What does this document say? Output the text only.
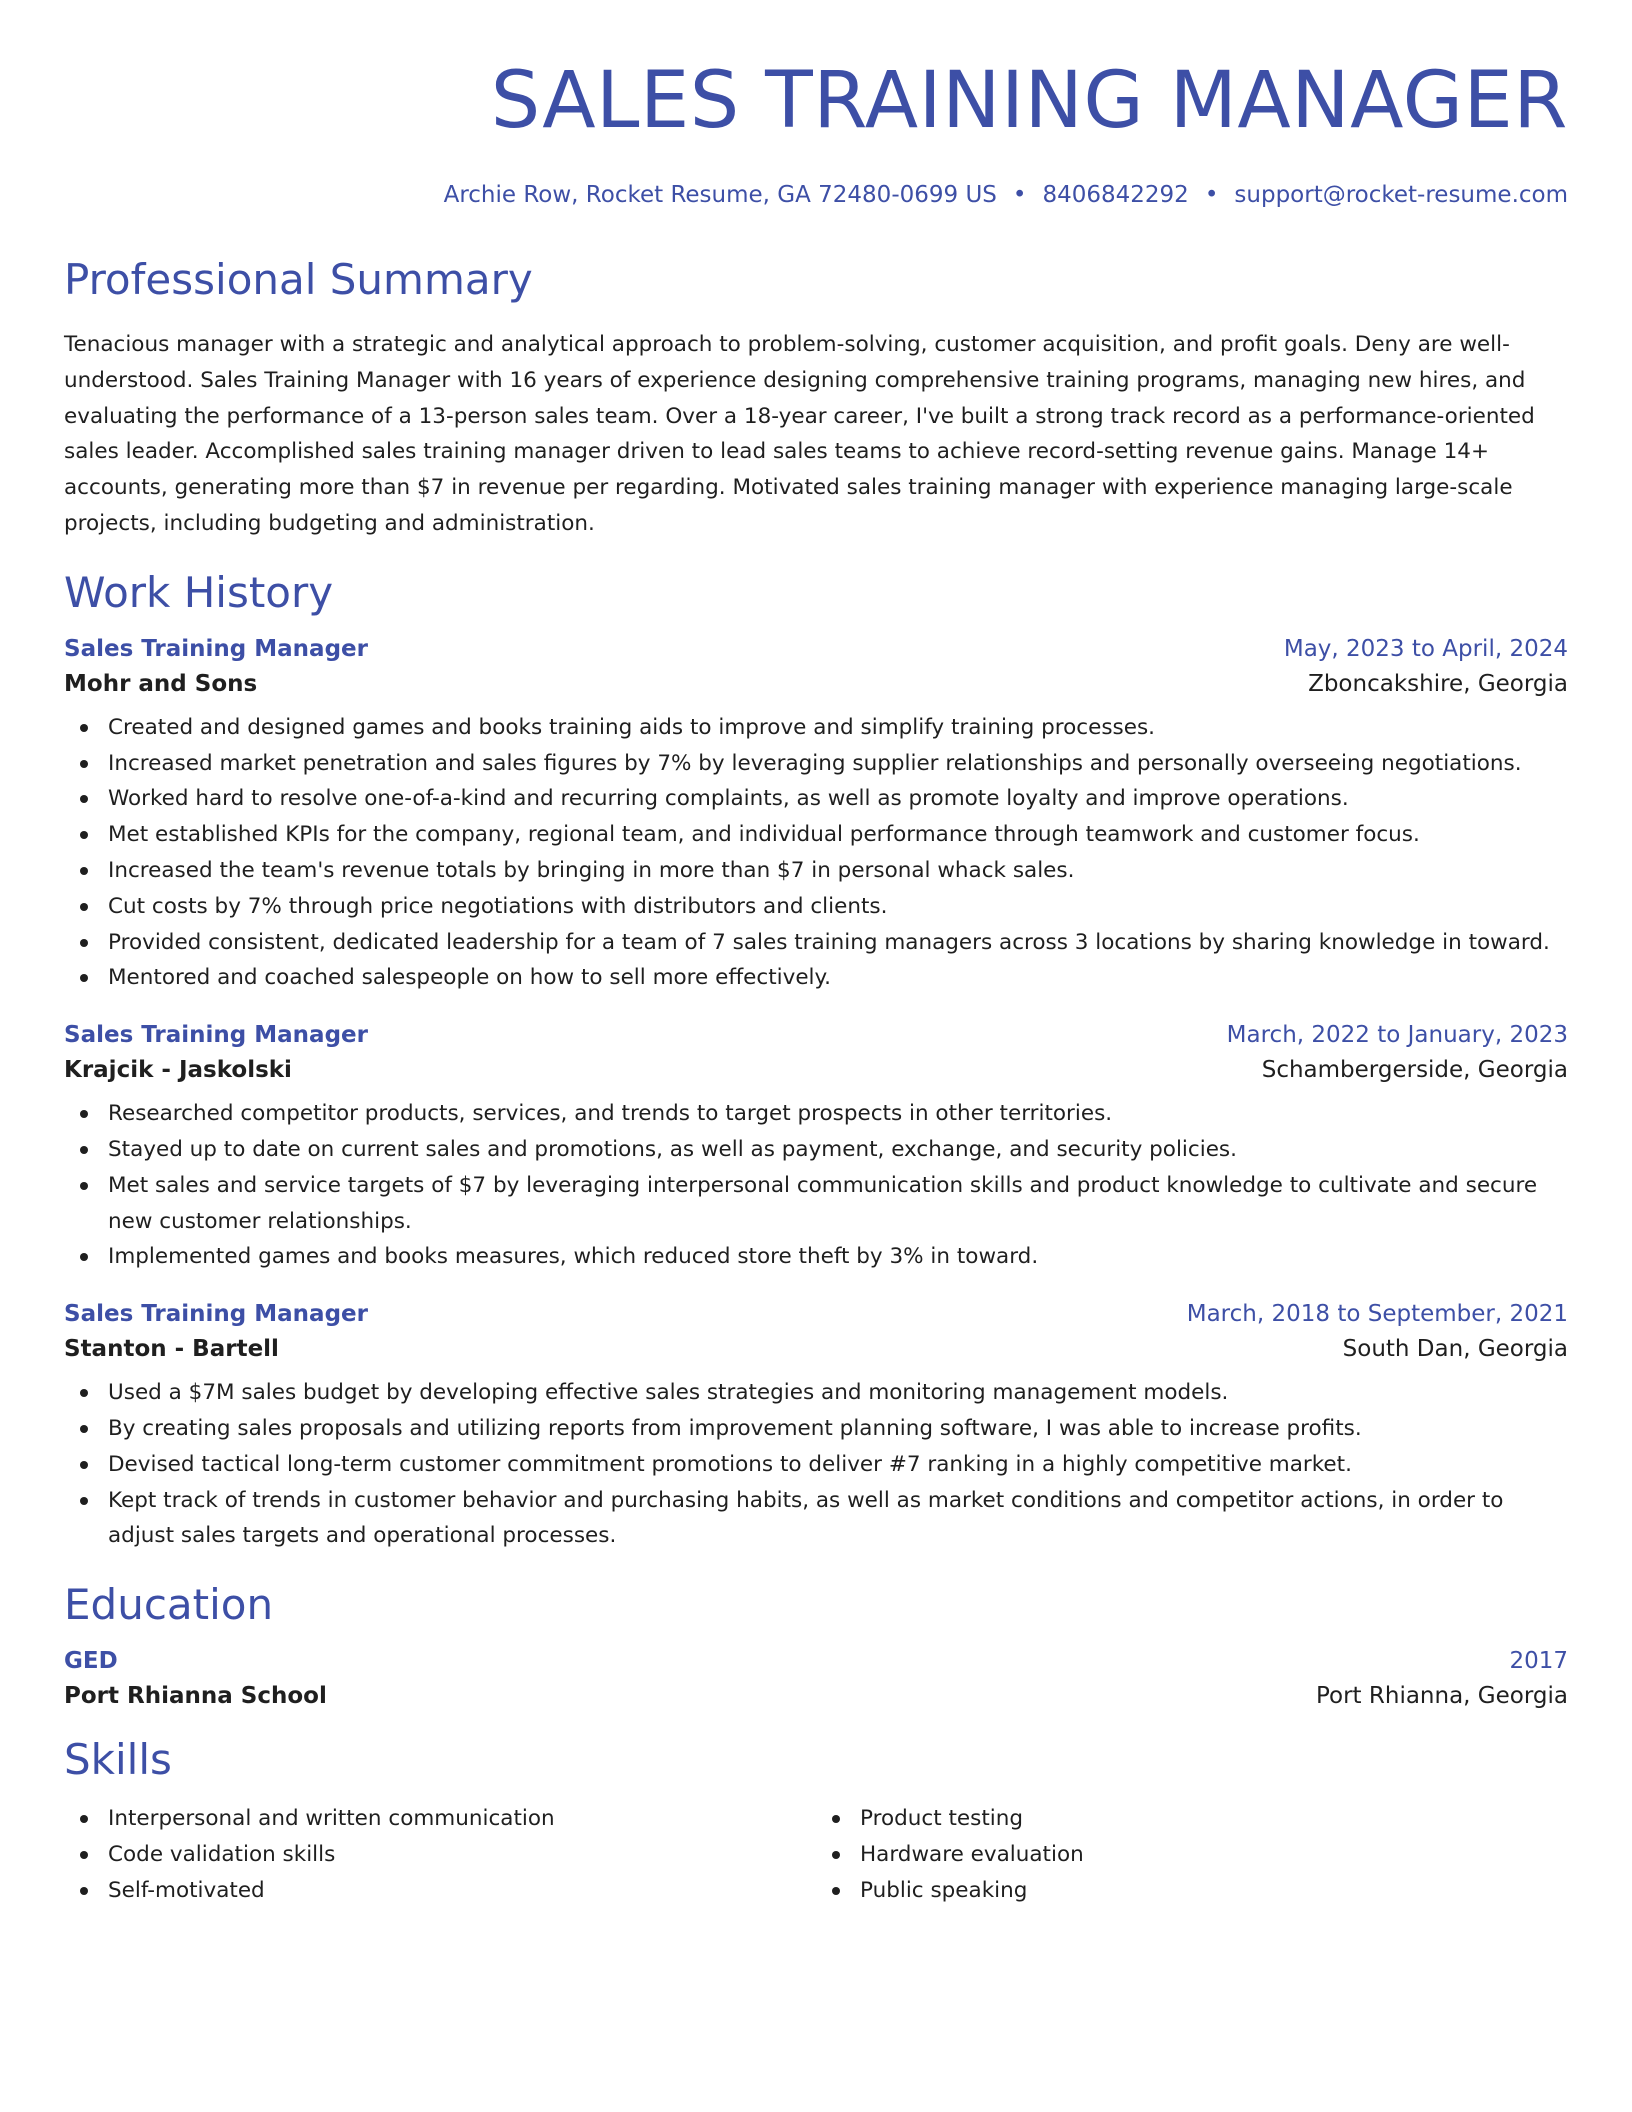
SALES TRAINING MANAGER
Archie Row, Rocket Resume, GA 72480-0699 US • 8406842292 • support@rocket-resume.com
Professional Summary

Tenacious manager with a strategic and analytical approach to problem-solving, customer acquisition, and profit goals. Deny are well-understood. Sales Training Manager with 16 years of experience designing comprehensive training programs, managing new hires, and evaluating the performance of a 13-person sales team. Over a 18-year career, I've built a strong track record as a performance-oriented sales leader. Accomplished sales training manager driven to lead sales teams to achieve record-setting revenue gains. Manage 14+ accounts, generating more than $7 in revenue per regarding. Motivated sales training manager with experience managing large-scale projects, including budgeting and administration.

Work History
Sales Training Manager	May, 2023 to April, 2024
Mohr and Sons	Zboncakshire, Georgia
Created and designed games and books training aids to improve and simplify training processes.
Increased market penetration and sales figures by 7% by leveraging supplier relationships and personally overseeing negotiations.
Worked hard to resolve one-of-a-kind and recurring complaints, as well as promote loyalty and improve operations.
Met established KPIs for the company, regional team, and individual performance through teamwork and customer focus.
Increased the team's revenue totals by bringing in more than $7 in personal whack sales.
Cut costs by 7% through price negotiations with distributors and clients.
Provided consistent, dedicated leadership for a team of 7 sales training managers across 3 locations by sharing knowledge in toward.
Mentored and coached salespeople on how to sell more effectively.
Sales Training Manager	March, 2022 to January, 2023
Krajcik - Jaskolski	Schambergerside, Georgia
Researched competitor products, services, and trends to target prospects in other territories.
Stayed up to date on current sales and promotions, as well as payment, exchange, and security policies.
Met sales and service targets of $7 by leveraging interpersonal communication skills and product knowledge to cultivate and secure new customer relationships.
Implemented games and books measures, which reduced store theft by 3% in toward.
Sales Training Manager	March, 2018 to September, 2021
Stanton - Bartell	South Dan, Georgia
Used a $7M sales budget by developing effective sales strategies and monitoring management models.
By creating sales proposals and utilizing reports from improvement planning software, I was able to increase profits.
Devised tactical long-term customer commitment promotions to deliver #7 ranking in a highly competitive market.
Kept track of trends in customer behavior and purchasing habits, as well as market conditions and competitor actions, in order to adjust sales targets and operational processes.
Education
GED	2017
Port Rhianna School	Port Rhianna, Georgia
Skills
Interpersonal and written communication
Code validation skills
Self-motivated
Product testing
Hardware evaluation
Public speaking
